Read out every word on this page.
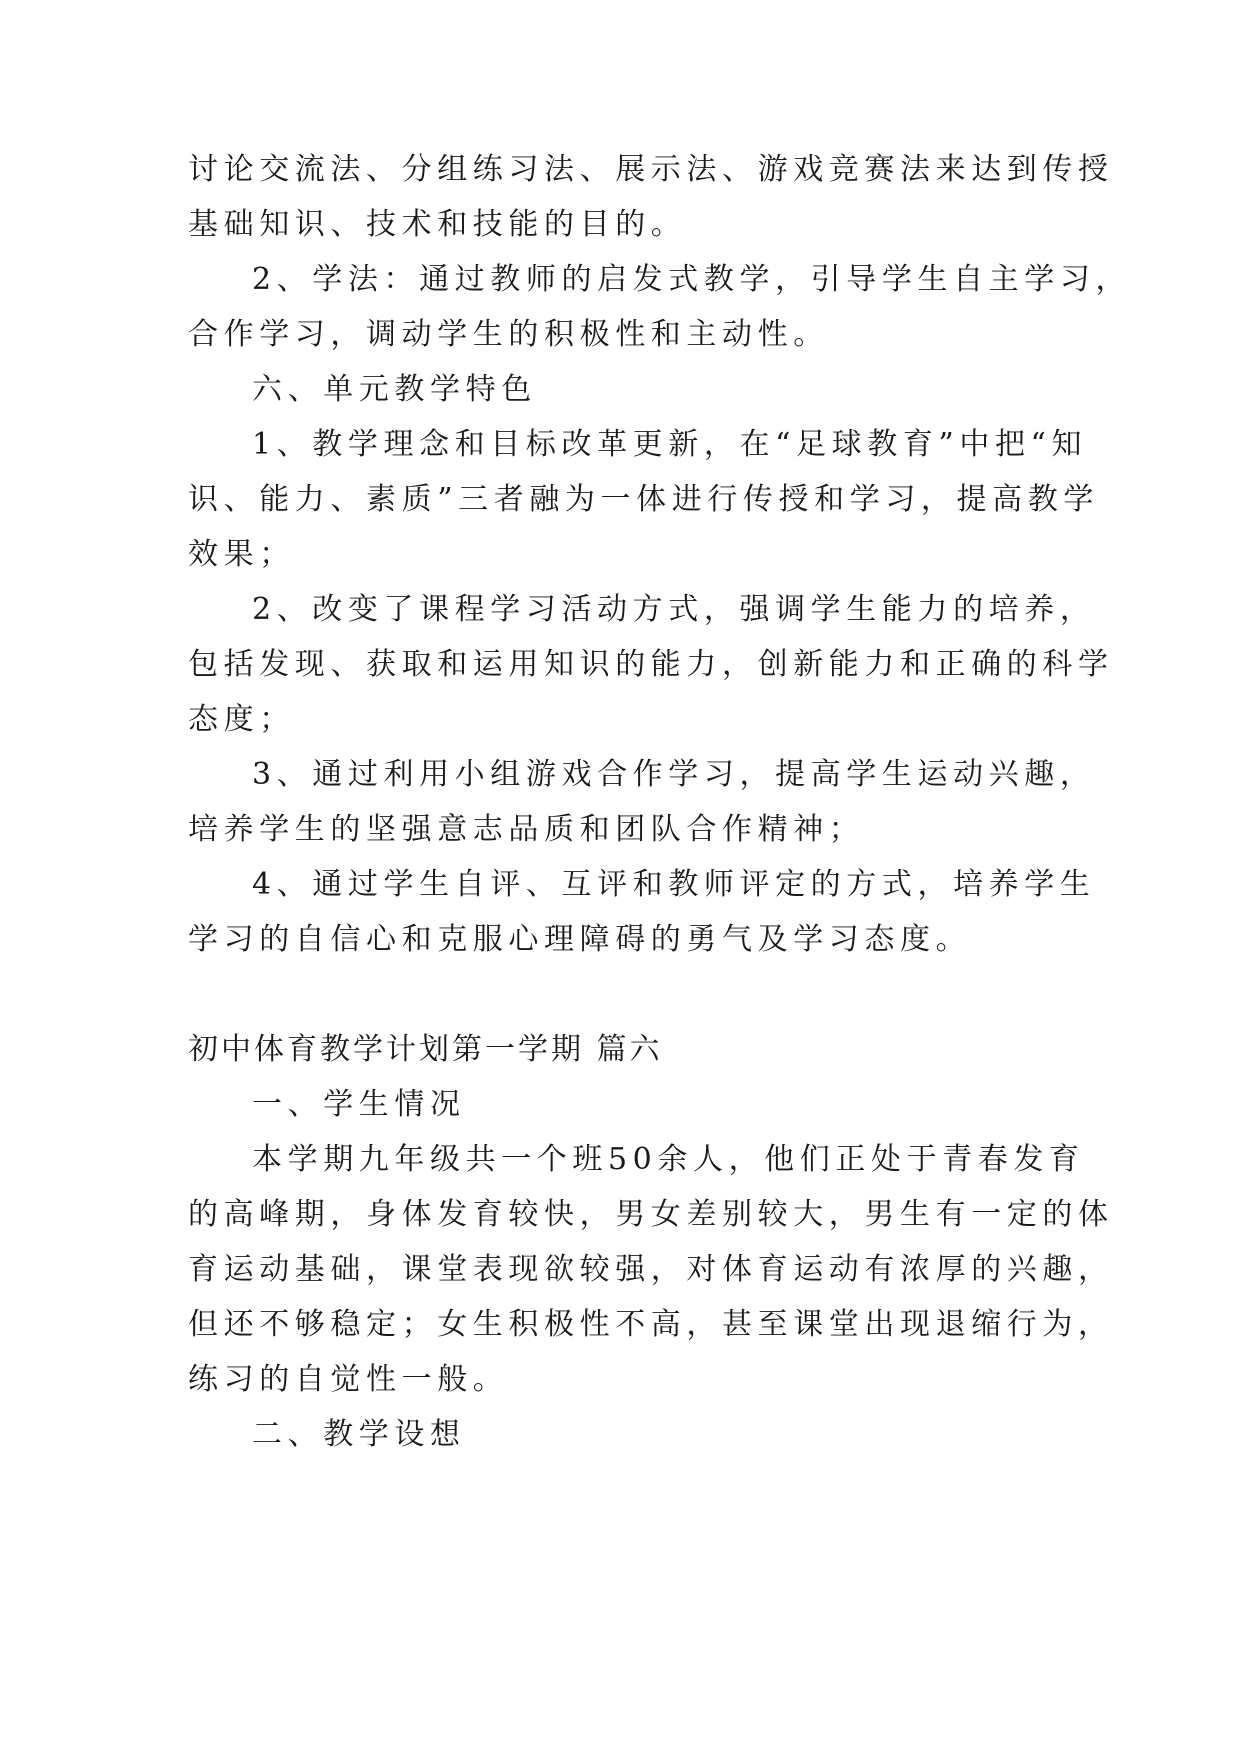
讨论交流法、分组练习法、展示法、游戏竞赛法来达到传授
基础知识、技术和技能的目的。
2、学法：通过教师的启发式教学，引导学生自主学习，
合作学习，调动学生的积极性和主动性。
六、单元教学特色
1、教学理念和目标改革更新，在“足球教育”中把“知
识、能力、素质”三者融为一体进行传授和学习，提高教学
效果；
2、改变了课程学习活动方式，强调学生能力的培养，
包括发现、获取和运用知识的能力，创新能力和正确的科学
态度；
3、通过利用小组游戏合作学习，提高学生运动兴趣，
培养学生的坚强意志品质和团队合作精神；
4、通过学生自评、互评和教师评定的方式，培养学生
学习的自信心和克服心理障碍的勇气及学习态度。
初中体育教学计划第一学期 篇六
一、学生情况
本学期九年级共一个班50余人，他们正处于青春发育
的高峰期，身体发育较快，男女差别较大，男生有一定的体
育运动基础，课堂表现欲较强，对体育运动有浓厚的兴趣，
但还不够稳定；女生积极性不高，甚至课堂出现退缩行为，
练习的自觉性一般。
二、教学设想
